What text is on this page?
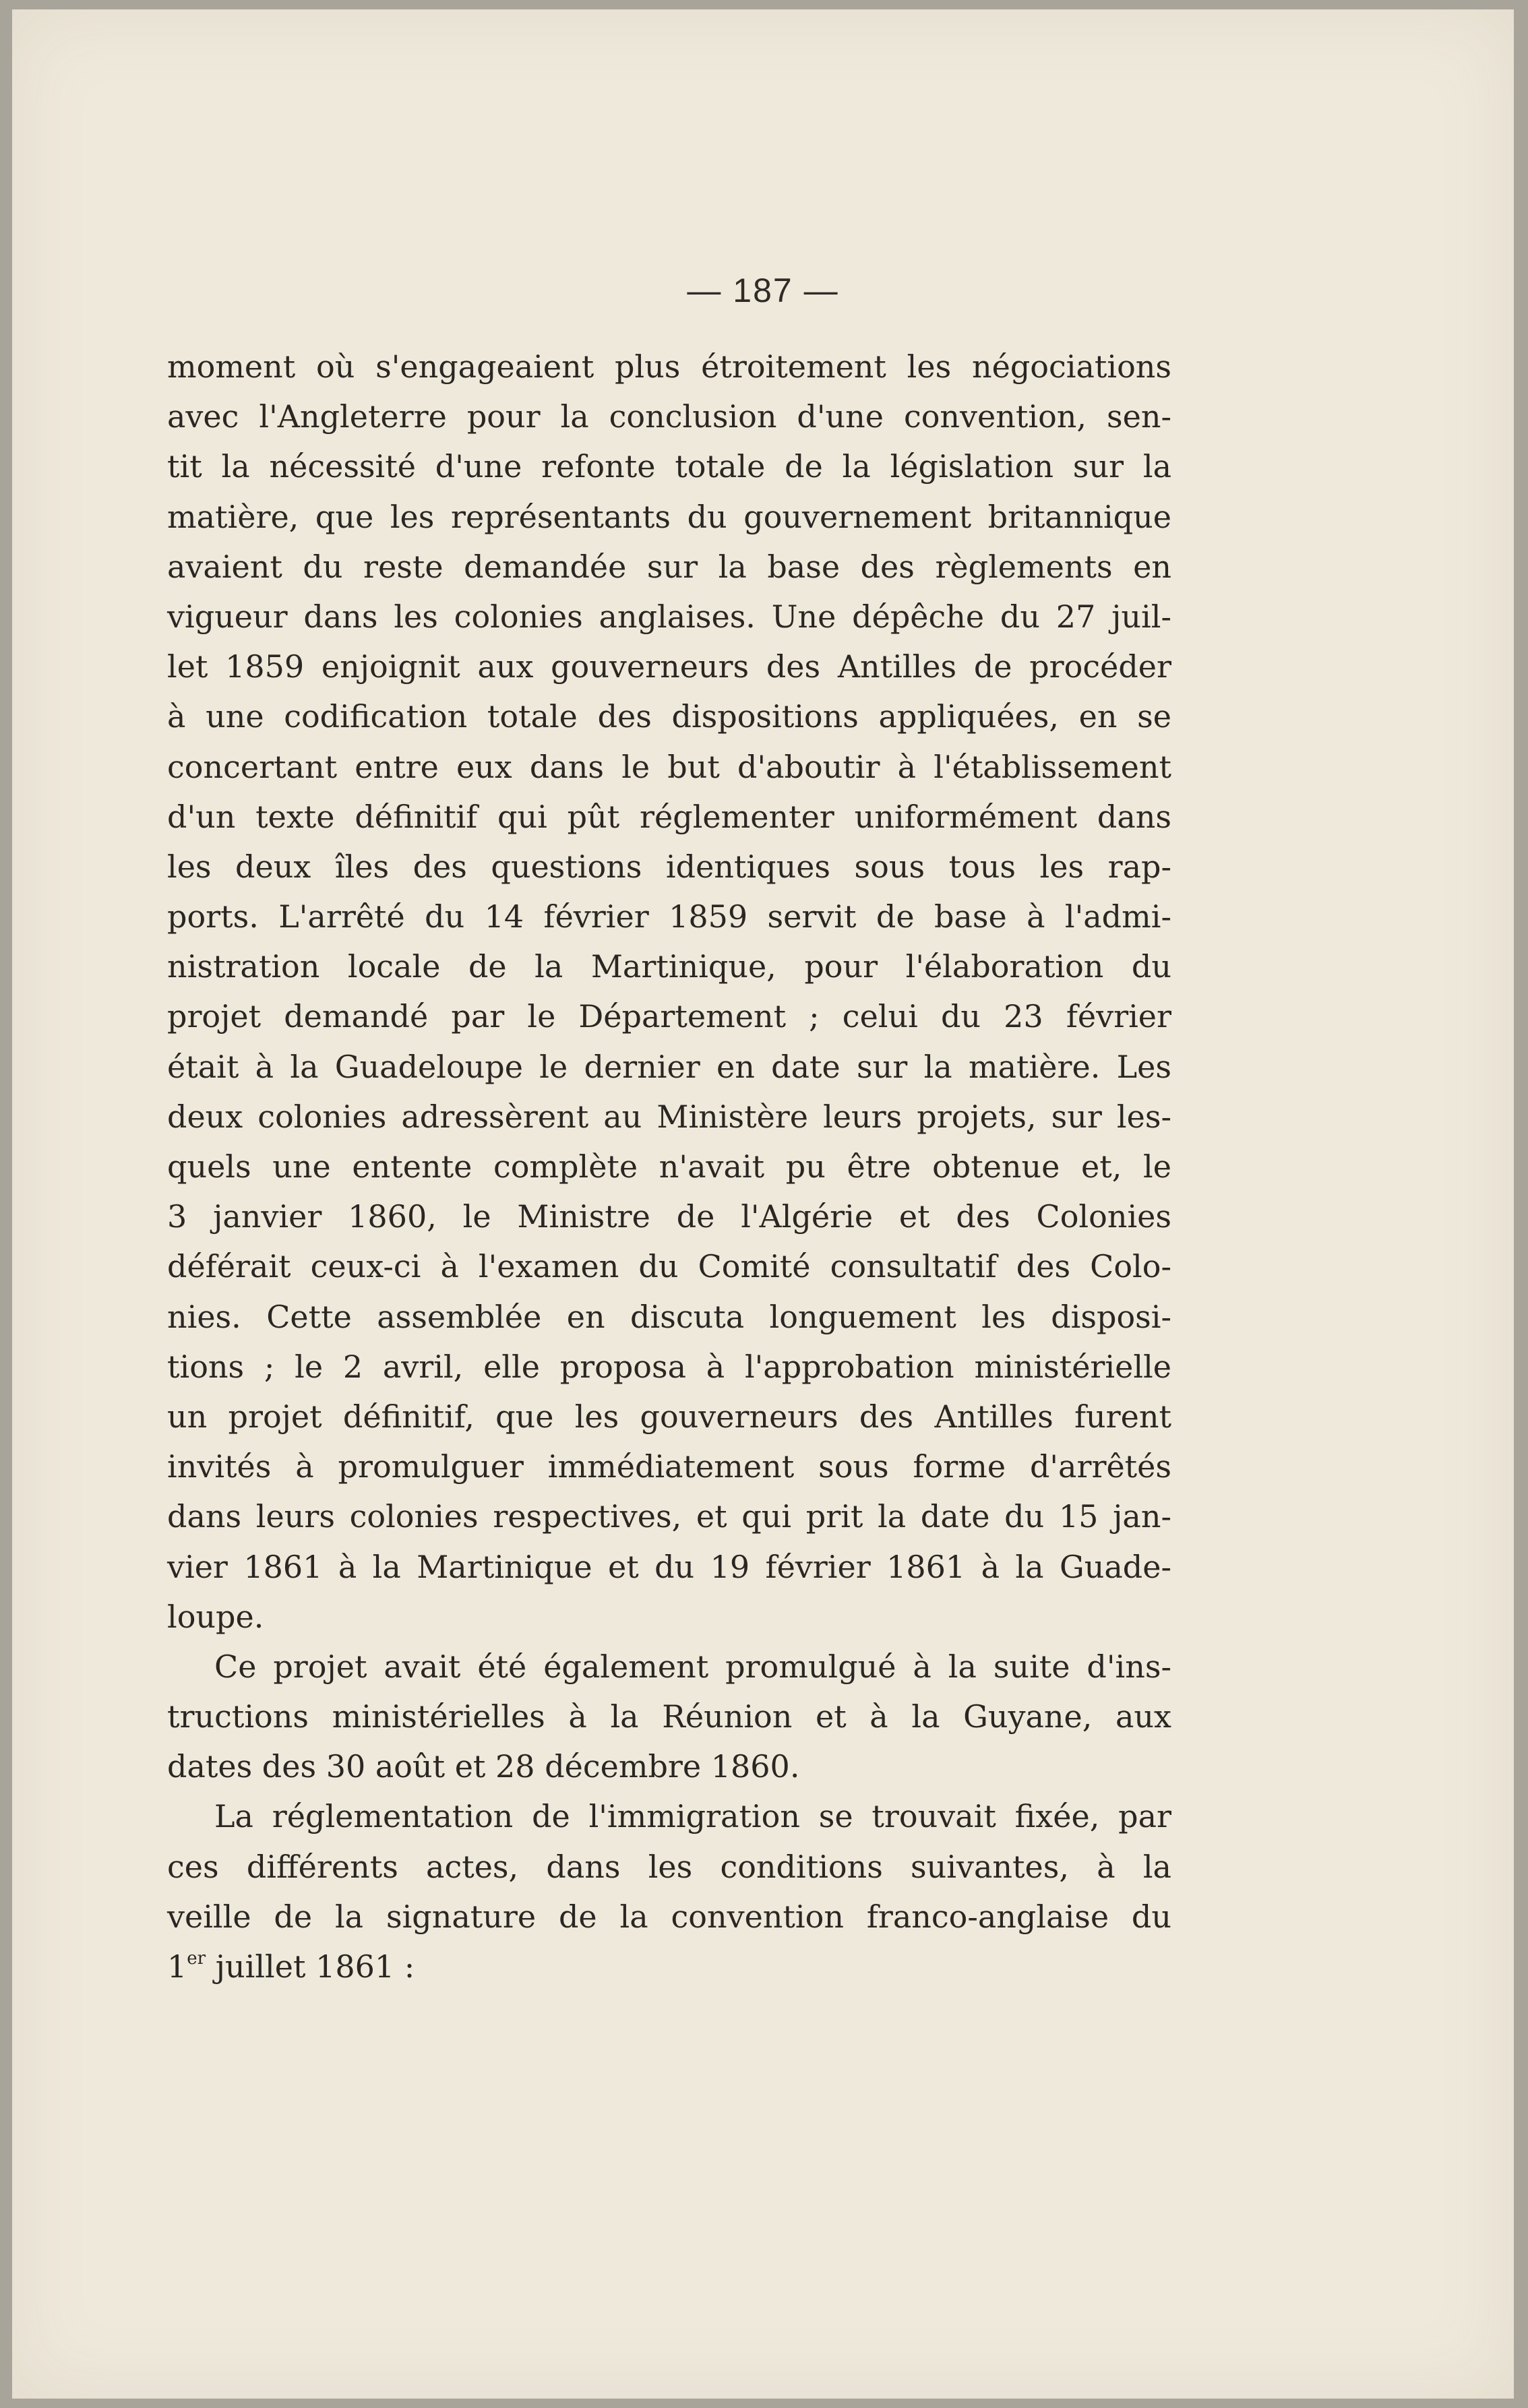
— 187 —
moment où s'engageaient plus étroitement les négociations
avec l'Angleterre pour la conclusion d'une convention, sen-
tit la nécessité d'une refonte totale de la législation sur la
matière, que les représentants du gouvernement britannique
avaient du reste demandée sur la base des règlements en
vigueur dans les colonies anglaises. Une dépêche du 27 juil-
let 1859 enjoignit aux gouverneurs des Antilles de procéder
à une codification totale des dispositions appliquées, en se
concertant entre eux dans le but d'aboutir à l'établissement
d'un texte définitif qui pût réglementer uniformément dans
les deux îles des questions identiques sous tous les rap-
ports. L'arrêté du 14 février 1859 servit de base à l'admi-
nistration locale de la Martinique, pour l'élaboration du
projet demandé par le Département ; celui du 23 février
était à la Guadeloupe le dernier en date sur la matière. Les
deux colonies adressèrent au Ministère leurs projets, sur les-
quels une entente complète n'avait pu être obtenue et, le
3 janvier 1860, le Ministre de l'Algérie et des Colonies
déférait ceux-ci à l'examen du Comité consultatif des Colo-
nies. Cette assemblée en discuta longuement les disposi-
tions ; le 2 avril, elle proposa à l'approbation ministérielle
un projet définitif, que les gouverneurs des Antilles furent
invités à promulguer immédiatement sous forme d'arrêtés
dans leurs colonies respectives, et qui prit la date du 15 jan-
vier 1861 à la Martinique et du 19 février 1861 à la Guade-
loupe.
Ce projet avait été également promulgué à la suite d'ins-
tructions ministérielles à la Réunion et à la Guyane, aux
dates des 30 août et 28 décembre 1860.
La réglementation de l'immigration se trouvait fixée, par
ces différents actes, dans les conditions suivantes, à la
veille de la signature de la convention franco-anglaise du
1er juillet 1861 :
